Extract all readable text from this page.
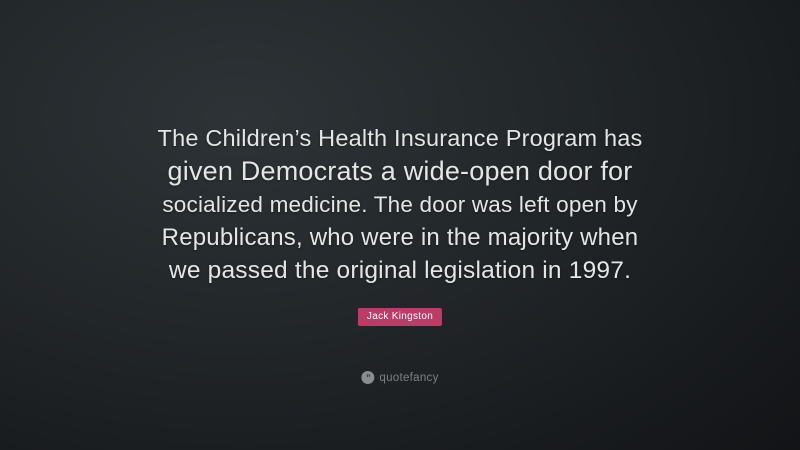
The Children’s Health Insurance Program has
given Democrats a wide-open door for
socialized medicine. The door was left open by
Republicans, who were in the majority when
we passed the original legislation in 1997.
Jack Kingston
” quotefancy
